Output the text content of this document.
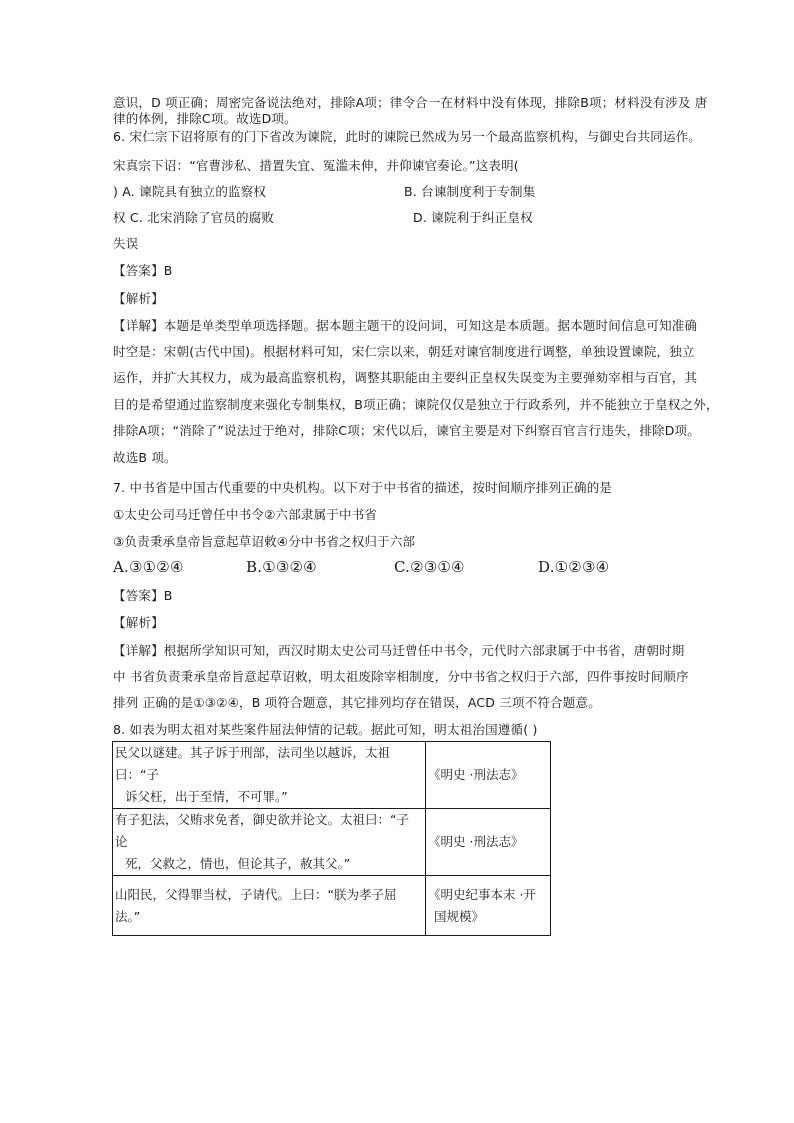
意识，D 项正确；周密完备说法绝对，排除A项；律令合一在材料中没有体现，排除B项；材料没有涉及 唐
律的体例，排除C项。故选D项。
6. 宋仁宗下诏将原有的门下省改为谏院，此时的谏院已然成为另一个最高监察机构，与御史台共同运作。
宋真宗下诏：“官曹涉私、措置失宜、冤滥未伸，并仰谏官奏论。”这表明(
) A. 谏院具有独立的监察权	B. 台谏制度利于专制集
权 C. 北宋消除了官员的腐败	D. 谏院利于纠正皇权
失误
【答案】B
【解析】
【详解】本题是单类型单项选择题。据本题主题干的设问词，可知这是本质题。据本题时间信息可知准确
时空是：宋朝(古代中国)。根据材料可知，宋仁宗以来，朝廷对谏官制度进行调整，单独设置谏院，独立
运作，并扩大其权力，成为最高监察机构，调整其职能由主要纠正皇权失误变为主要弹劾宰相与百官，其
目的是希望通过监察制度来强化专制集权，B项正确；谏院仅仅是独立于行政系列，并不能独立于皇权之外，
排除A项；“消除了”说法过于绝对，排除C项；宋代以后，谏官主要是对下纠察百官言行违失，排除D项。
故选B 项。
7. 中书省是中国古代重要的中央机构。以下对于中书省的描述，按时间顺序排列正确的是
①太史公司马迁曾任中书令②六部隶属于中书省
③负责秉承皇帝旨意起草诏敕④分中书省之权归于六部
A.③①②④	B.①③②④	C.②③①④	D.①②③④
【答案】B
【解析】
【详解】根据所学知识可知，西汉时期太史公司马迁曾任中书令，元代时六部隶属于中书省，唐朝时期
中 书省负责秉承皇帝旨意起草诏敕，明太祖废除宰相制度，分中书省之权归于六部，四件事按时间顺序
排列 正确的是①③②④，B 项符合题意，其它排列均存在错误，ACD 三项不符合题意。
8. 如表为明太祖对某些案件屈法伸情的记载。据此可知，明太祖治国遵循( )
民父以谜建。其子诉于刑部，法司坐以越诉，太祖曰：“子
诉父枉，出于至情，不可罪。”	《明史 ·刑法志》

有子犯法，父贿求免者，御史欲并论文。太祖曰：“子论
死，父救之，情也，但论其子，赦其父。”	《明史 ·刑法志》

山阳民，父得罪当杖，子请代。上曰：“朕为孝子屈法。”	《明史纪事本末 ·开
国规模》
